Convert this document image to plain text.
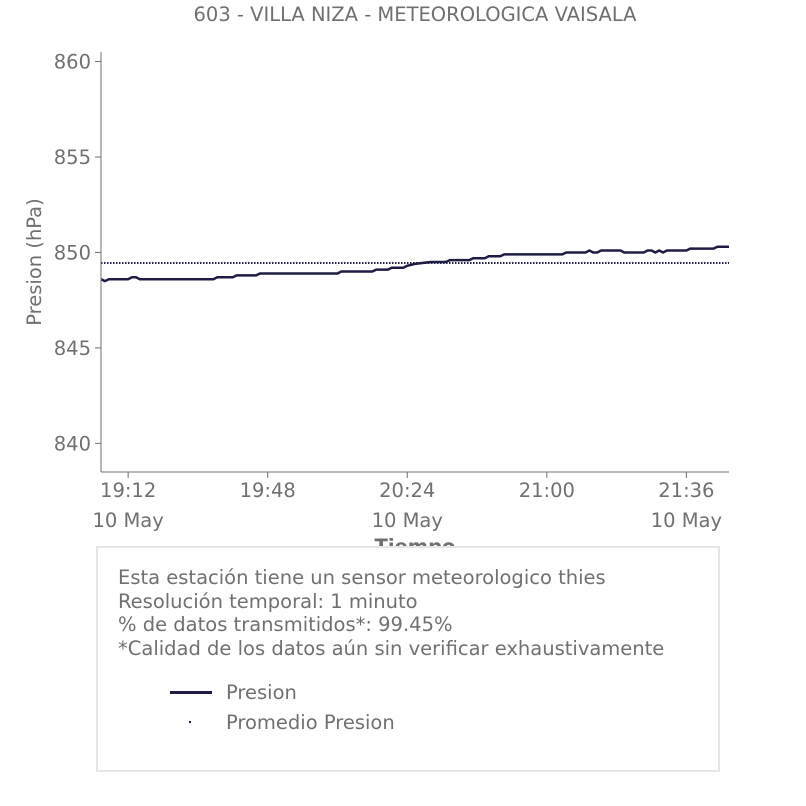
603 - VILLA NIZA - METEOROLOGICA VAISALA
840
845
850
855
860
19:12
10 May
19:48	20:24
10 May
21:00	21:36
10 May
Presion (hPa)
Esta estación tiene un sensor meteorologico thies
Resolución temporal: 1 minuto
% de datos transmitidos*: 99.45%
*Calidad de los datos aún sin verificar exhaustivamente
Presion
Promedio Presion
